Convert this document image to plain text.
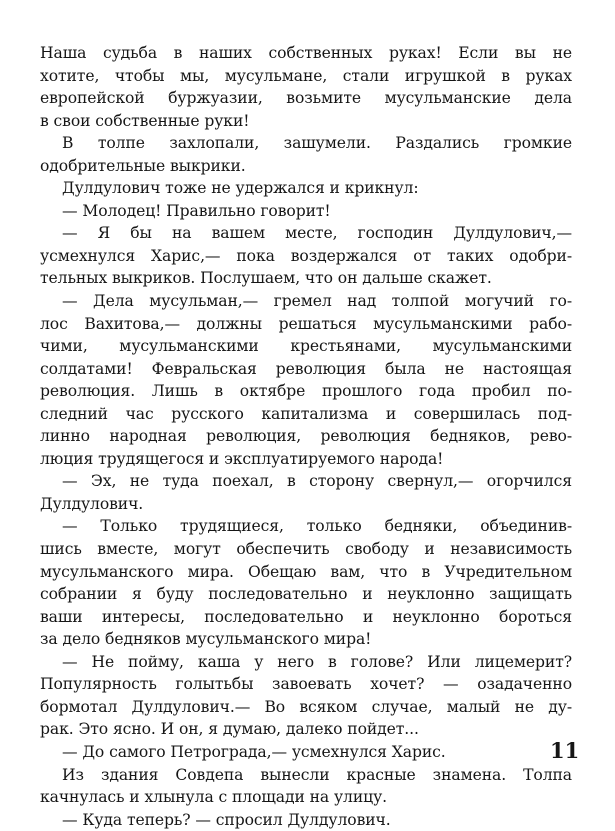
Наша судьба в наших собственных руках! Если вы не
хотите, чтобы мы, мусульмане, стали игрушкой в руках
европейской буржуазии, возьмите мусульманские дела
в свои собственные руки!
В толпе захлопали, зашумели. Раздались громкие
одобрительные выкрики.
Дулдулович тоже не удержался и крикнул:
— Молодец! Правильно говорит!
— Я бы на вашем месте, господин Дулдулович,—
усмехнулся Харис,— пока воздержался от таких одобри-
тельных выкриков. Послушаем, что он дальше скажет.
— Дела мусульман,— гремел над толпой могучий го-
лос Вахитова,— должны решаться мусульманскими рабо-
чими, мусульманскими крестьянами, мусульманскими
солдатами! Февральская революция была не настоящая
революция. Лишь в октябре прошлого года пробил по-
следний час русского капитализма и совершилась под-
линно народная революция, революция бедняков, рево-
люция трудящегося и эксплуатируемого народа!
— Эх, не туда поехал, в сторону свернул,— огорчился
Дулдулович.
— Только трудящиеся, только бедняки, объединив-
шись вместе, могут обеспечить свободу и независимость
мусульманского мира. Обещаю вам, что в Учредительном
собрании я буду последовательно и неуклонно защищать
ваши интересы, последовательно и неуклонно бороться
за дело бедняков мусульманского мира!
— Не пойму, каша у него в голове? Или лицемерит?
Популярность голытьбы завоевать хочет? — озадаченно
бормотал Дулдулович.— Во всяком случае, малый не ду-
рак. Это ясно. И он, я думаю, далеко пойдет...
— До самого Петрограда,— усмехнулся Харис.
Из здания Совдепа вынесли красные знамена. Толпа
качнулась и хлынула с площади на улицу.
— Куда теперь? — спросил Дулдулович.
11
